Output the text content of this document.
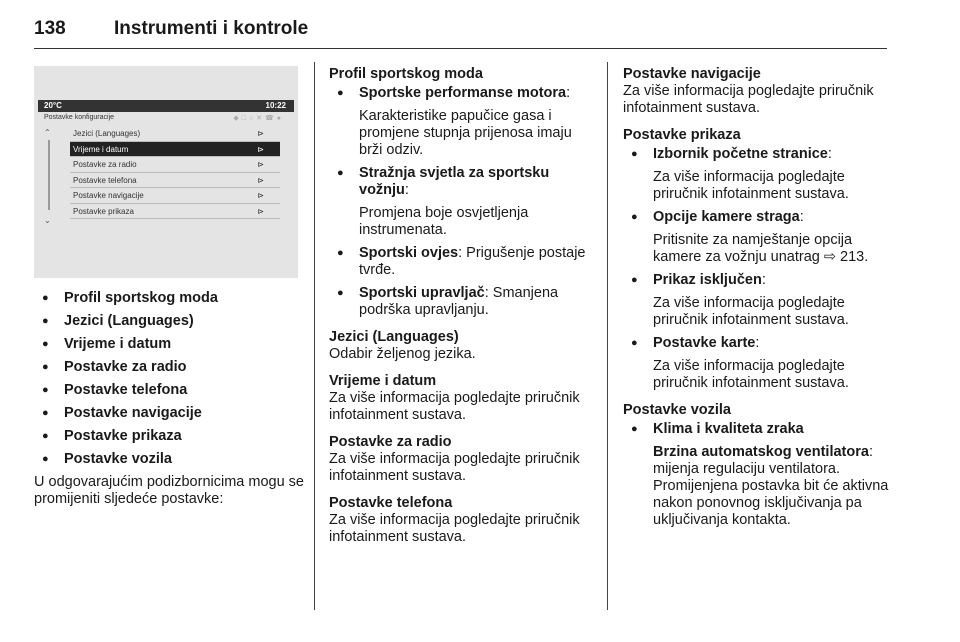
138	Instrumenti i kontrole
20°C	10:22
Postavke konfiguracije	◆□○✕☎●
⌃
⌄
Jezici (Languages)	⊳
Vrijeme i datum	⊳
Postavke za radio	⊳
Postavke telefona	⊳
Postavke navigacije	⊳
Postavke prikaza	⊳
● Profil sportskog moda
● Jezici (Languages)
● Vrijeme i datum
● Postavke za radio
● Postavke telefona
● Postavke navigacije
● Postavke prikaza
● Postavke vozila

U odgovarajućim podizbornicima mogu se promijeniti sljedeće postavke:

Profil sportskog moda

● Sportske performanse motora:
Karakteristike papučice gasa i promjene stupnja prijenosa imaju brži odziv.
● Stražnja svjetla za sportsku vožnju:
Promjena boje osvjetljenja instrumenata.
● Sportski ovjes: Prigušenje postaje tvrđe.
● Sportski upravljač: Smanjena podrška upravljanju.

Jezici (Languages)

Odabir željenog jezika.

Vrijeme i datum

Za više informacija pogledajte priručnik infotainment sustava.

Postavke za radio

Za više informacija pogledajte priručnik infotainment sustava.

Postavke telefona

Za više informacija pogledajte priručnik infotainment sustava.

Postavke navigacije

Za više informacija pogledajte priručnik infotainment sustava.

Postavke prikaza

● Izbornik početne stranice:
Za više informacija pogledajte priručnik infotainment sustava.
● Opcije kamere straga:
Pritisnite za namještanje opcija kamere za vožnju unatrag ⇨ 213.
● Prikaz isključen:
Za više informacija pogledajte priručnik infotainment sustava.
● Postavke karte:
Za više informacija pogledajte priručnik infotainment sustava.

Postavke vozila

● Klima i kvaliteta zraka
Brzina automatskog ventilatora: mijenja regulaciju ventilatora. Promijenjena postavka bit će aktivna nakon ponovnog isključivanja pa uključivanja kontakta.
